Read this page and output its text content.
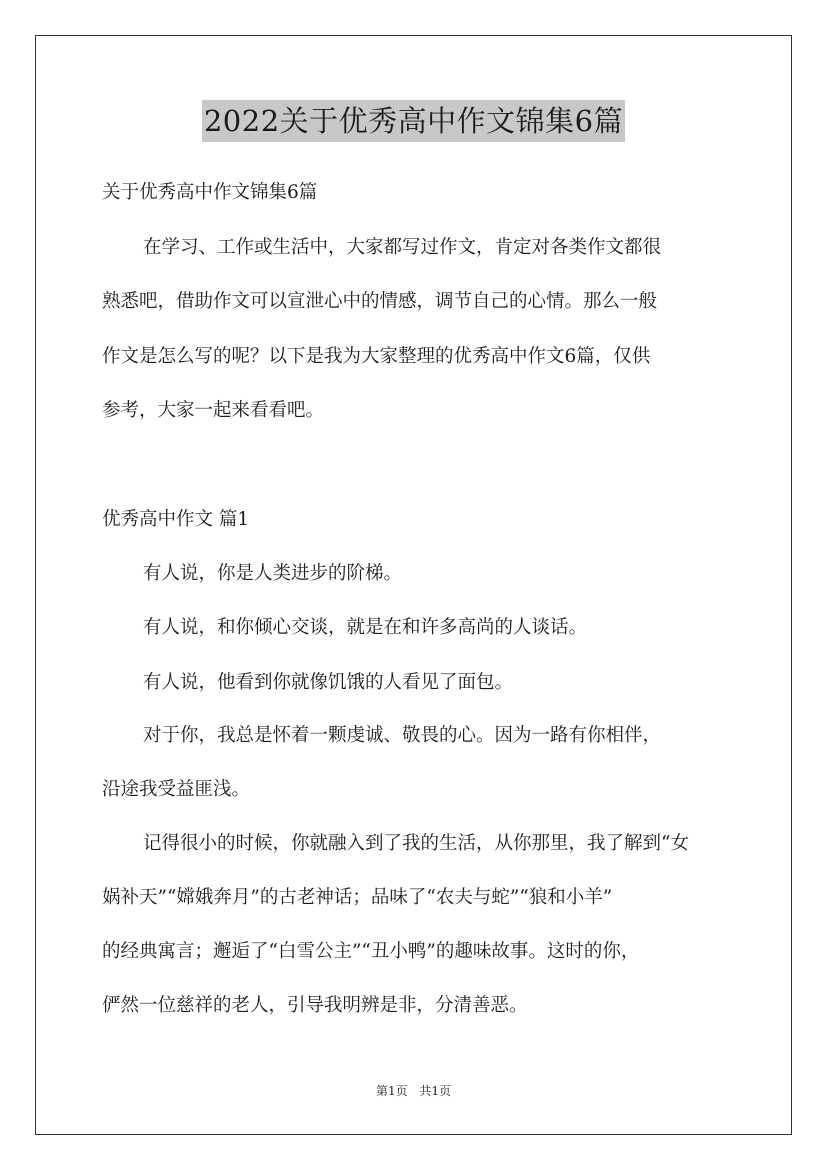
2022关于优秀高中作文锦集6篇
关于优秀高中作文锦集6篇
在学习、工作或生活中，大家都写过作文，肯定对各类作文都很
熟悉吧，借助作文可以宣泄心中的情感，调节自己的心情。那么一般
作文是怎么写的呢？以下是我为大家整理的优秀高中作文6篇，仅供
参考，大家一起来看看吧。
优秀高中作文 篇1
有人说，你是人类进步的阶梯。
有人说，和你倾心交谈，就是在和许多高尚的人谈话。
有人说，他看到你就像饥饿的人看见了面包。
对于你，我总是怀着一颗虔诚、敬畏的心。因为一路有你相伴，
沿途我受益匪浅。
记得很小的时候，你就融入到了我的生活，从你那里，我了解到“女
娲补天”“嫦娥奔月”的古老神话；品味了“农夫与蛇”“狼和小羊”
的经典寓言；邂逅了“白雪公主”“丑小鸭”的趣味故事。这时的你，
俨然一位慈祥的老人，引导我明辨是非，分清善恶。
第1页 共1页
